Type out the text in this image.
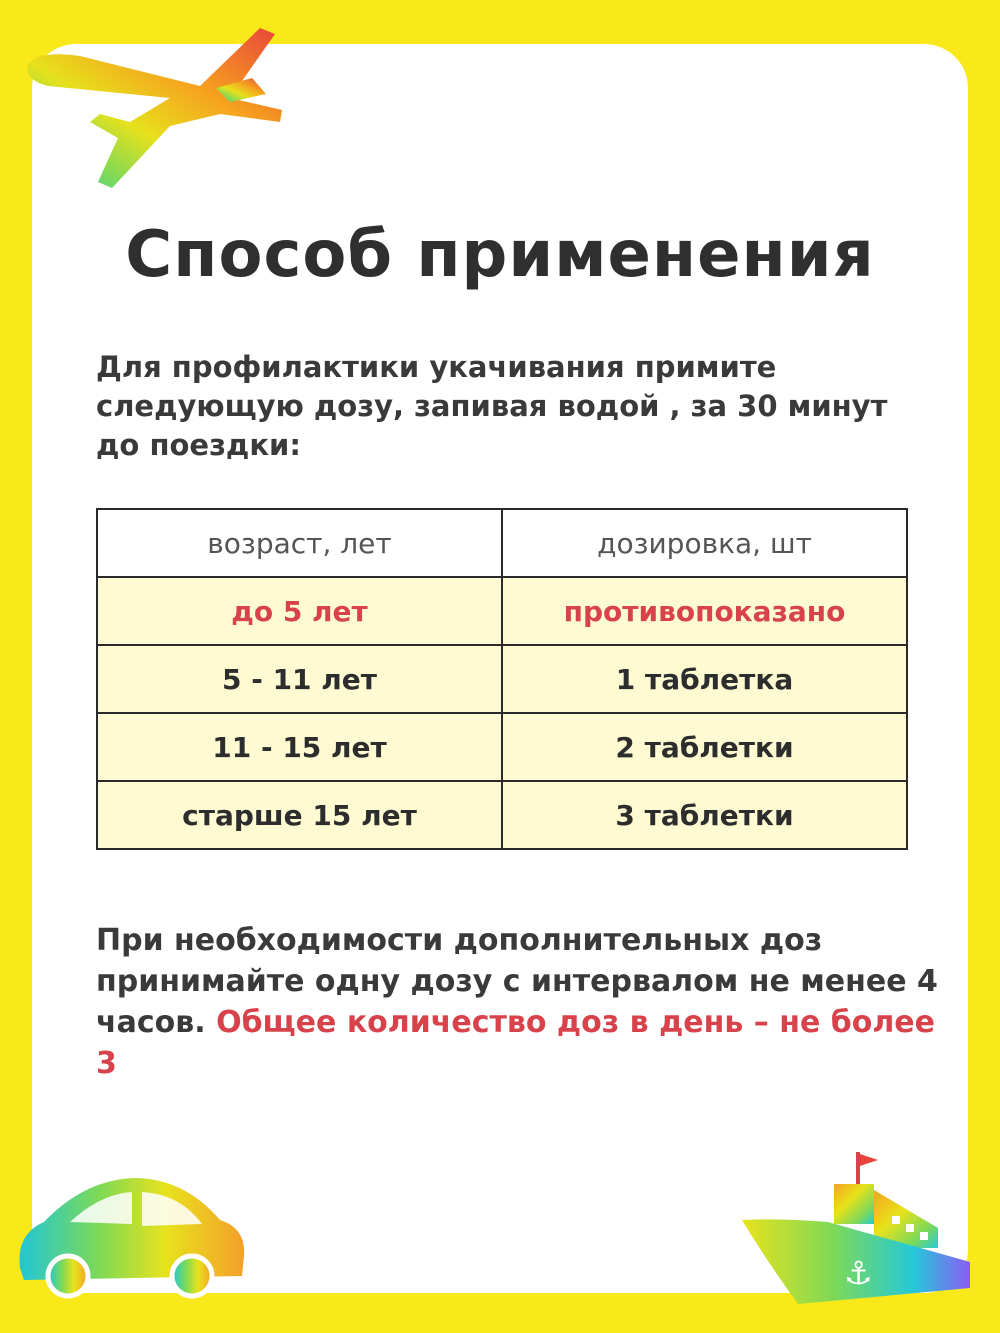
Способ применения
Для профилактики укачивания примите следующую дозу, запивая водой , за 30 минут до поездки:
возраст, лет	дозировка, шт
до 5 лет	противопоказано
5 - 11 лет	1 таблетка
11 - 15 лет	2 таблетки
старше 15 лет	3 таблетки
При необходимости дополнительных доз принимайте одну дозу с интервалом не менее 4 часов. Общее количество доз в день – не более 3
⚓
